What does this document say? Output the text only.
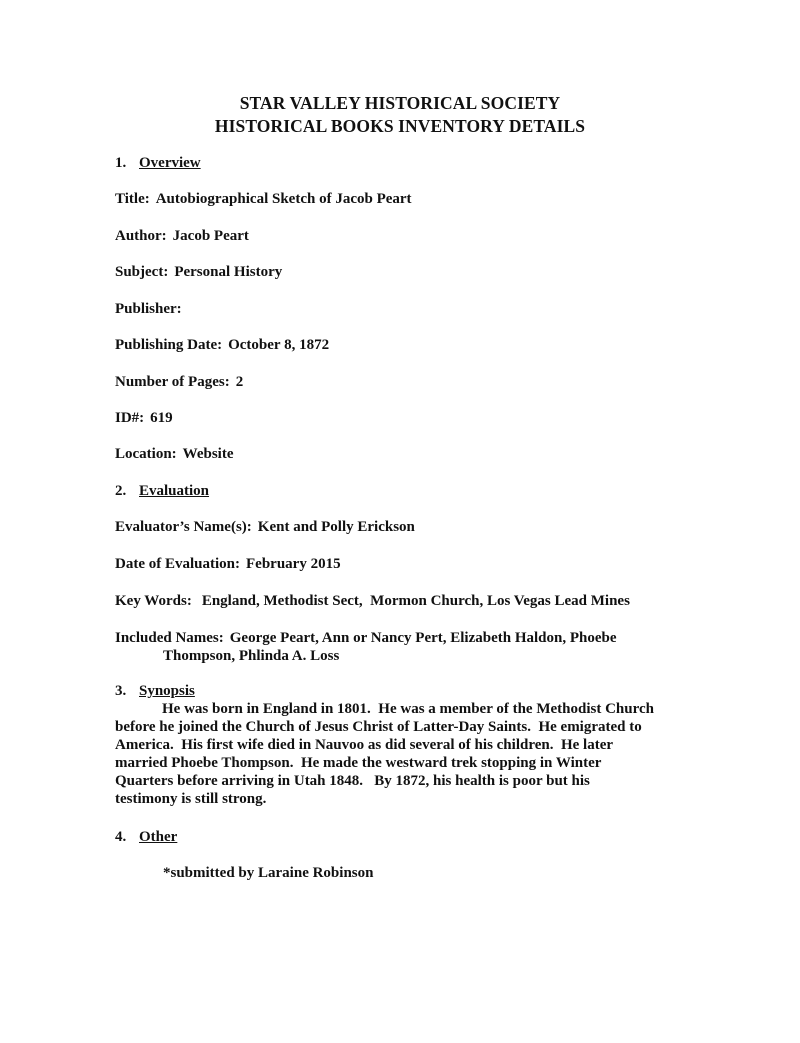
STAR VALLEY HISTORICAL SOCIETY
HISTORICAL BOOKS INVENTORY DETAILS
1. Overview
Title: Autobiographical Sketch of Jacob Peart
Author: Jacob Peart
Subject: Personal History
Publisher:
Publishing Date: October 8, 1872
Number of Pages: 2
ID#: 619
Location: Website
2. Evaluation
Evaluator’s Name(s): Kent and Polly Erickson
Date of Evaluation: February 2015
Key Words: England, Methodist Sect,  Mormon Church, Los Vegas Lead Mines
Included Names: George Peart, Ann or Nancy Pert, Elizabeth Haldon, Phoebe
Thompson, Phlinda A. Loss
3. Synopsis
He was born in England in 1801.  He was a member of the Methodist Church
before he joined the Church of Jesus Christ of Latter-Day Saints.  He emigrated to
America.  His first wife died in Nauvoo as did several of his children.  He later
married Phoebe Thompson.  He made the westward trek stopping in Winter
Quarters before arriving in Utah 1848.   By 1872, his health is poor but his
testimony is still strong.
4. Other
*submitted by Laraine Robinson
